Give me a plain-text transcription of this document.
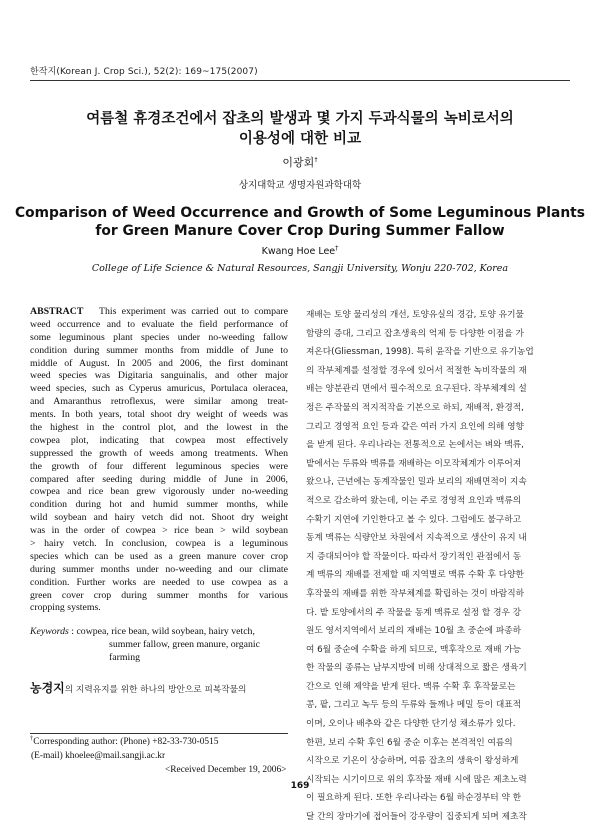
한작지(Korean J. Crop Sci.), 52(2): 169~175(2007)
여름철 휴경조건에서 잡초의 발생과 몇 가지 두과식물의 녹비로서의
이용성에 대한 비교
이광회†
상지대학교 생명자원과학대학
Comparison of Weed Occurrence and Growth of Some Leguminous Plants
for Green Manure Cover Crop During Summer Fallow
Kwang Hoe Lee†
College of Life Science & Natural Resources, Sangji University, Wonju 220-702, Korea
ABSTRACT This experiment was carried out to compare
weed occurrence and to evaluate the field performance of
some leguminous plant species under no-weeding fallow
condition during summer months from middle of June to
middle of August. In 2005 and 2006, the first dominant
weed species was Digitaria sanguinalis, and other major
weed species, such as Cyperus amuricus, Portulaca oleracea,
and Amaranthus retroflexus, were similar among treat-
ments. In both years, total shoot dry weight of weeds was
the highest in the control plot, and the lowest in the
cowpea plot, indicating that cowpea most effectively
suppressed the growth of weeds among treatments. When
the growth of four different leguminous species were
compared after seeding during middle of June in 2006,
cowpea and rice bean grew vigorously under no-weeding
condition during hot and humid summer months, while
wild soybean and hairy vetch did not. Shoot dry weight
was in the order of cowpea > rice bean > wild soybean
> hairy vetch. In conclusion, cowpea is a leguminous
species which can be used as a green manure cover crop
during summer months under no-weeding and our climate
condition. Further works are needed to use cowpea as a
green cover crop during summer months for various
cropping systems.
Keywords : cowpea, rice bean, wild soybean, hairy vetch,
summer fallow, green manure, organic farming
농경지의 지력유지를 위한 하나의 방안으로 피복작물의
†Corresponding author: (Phone) +82-33-730-0515
(E-mail) khoelee@mail.sangji.ac.kr
<Received December 19, 2006>
재배는 토양 물리성의 개선, 토양유실의 경감, 토양 유기물
함량의 증대, 그리고 잡초생육의 억제 등 다양한 이점을 가
져온다(Gliessman, 1998). 특히 윤작을 기반으로 유기농업
의 작부체계를 설정할 경우에 있어서 적절한 녹비작물의 재
배는 양분관리 면에서 필수적으로 요구된다. 작부체계의 설
정은 주작물의 적지적작을 기본으로 하되, 재배적, 환경적,
그리고 경영적 요인 등과 같은 여러 가지 요인에 의해 영향
을 받게 된다. 우리나라는 전통적으로 논에서는 벼와 맥류,
밭에서는 두류와 맥류를 재배하는 이모작체계가 이루어져
왔으나, 근년에는 동계작물인 밀과 보리의 재배면적이 지속
적으로 감소하여 왔는데, 이는 주로 경영적 요인과 맥류의
수확기 지연에 기인한다고 볼 수 있다. 그럼에도 불구하고
동계 맥류는 식량안보 차원에서 지속적으로 생산이 유지 내
지 증대되어야 할 작물이다. 따라서 장기적인 관점에서 동
계 맥류의 재배를 전제할 때 지역별로 맥류 수확 후 다양한
후작물의 재배를 위한 작부체계를 확립하는 것이 바람직하
다. 밭 토양에서의 주 작물을 동계 맥류로 설정 할 경우 강
원도 영서지역에서 보리의 재배는 10월 초 중순에 파종하
여 6월 중순에 수확을 하게 되므로, 맥후작으로 재배 가능
한 작물의 종류는 남부지방에 비해 상대적으로 짧은 생육기
간으로 인해 제약을 받게 된다. 맥류 수확 후 후작물로는
콩, 팥, 그리고 녹두 등의 두류와 들깨나 메밀 등이 대표적
이며, 오이나 배추와 같은 다양한 단기성 채소류가 있다.
한편, 보리 수확 후인 6월 중순 이후는 본격적인 여름의
시작으로 기온이 상승하며, 여름 잡초의 생육이 왕성하게
시작되는 시기이므로 위의 후작물 재배 시에 많은 제초노력
이 필요하게 된다. 또한 우리나라는 6월 하순경부터 약 한
달 간의 장마기에 접어들어 강우량이 집중되게 되며 제초작
169
